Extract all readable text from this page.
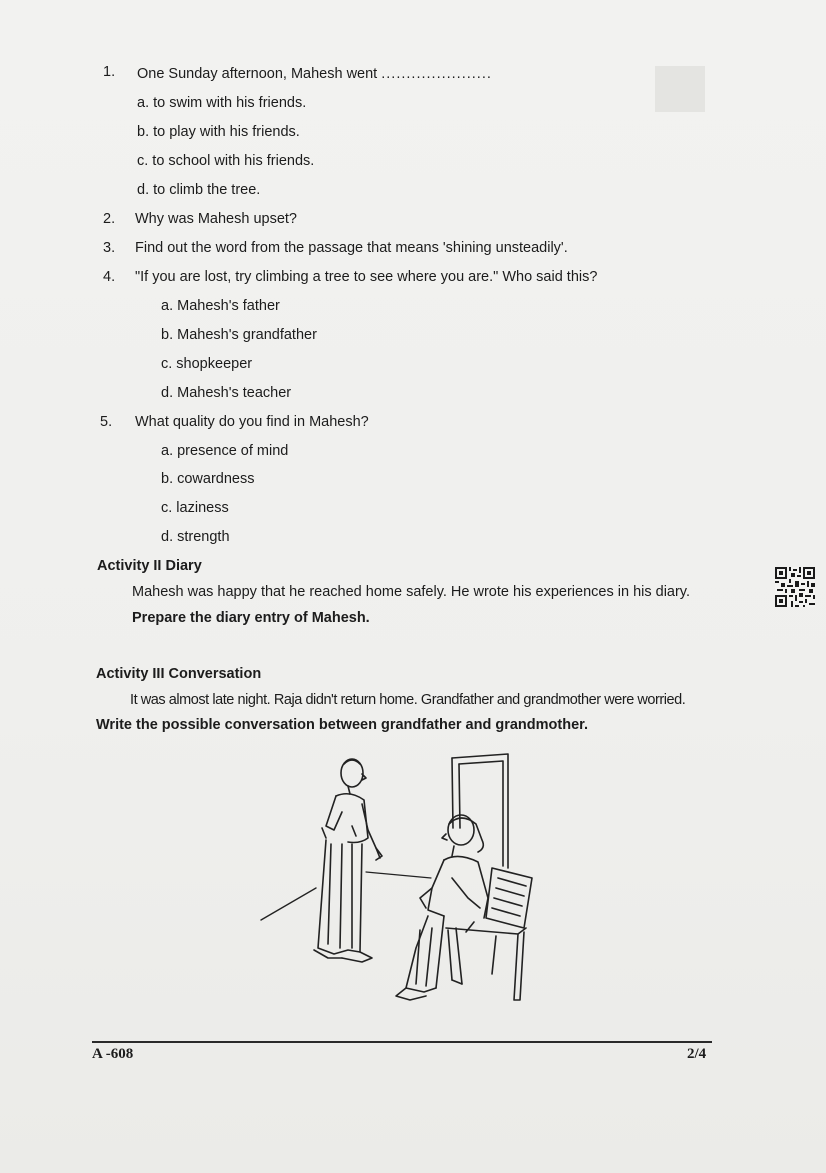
1. One Sunday afternoon, Mahesh went ......................
a. to swim with his friends.
b. to play with his friends.
c. to school with his friends.
d. to climb the tree.
2. Why was Mahesh upset?
3. Find out the word from the passage that means 'shining unsteadily'.
4. "If you are lost, try climbing a tree to see where you are." Who said this?
a. Mahesh's father
b. Mahesh's grandfather
c. shopkeeper
d. Mahesh's teacher
5. What quality do you find in Mahesh?
a. presence of mind
b. cowardness
c. laziness
d. strength
Activity II Diary
Mahesh was happy that he reached home safely. He wrote his experiences in his diary.
Prepare the diary entry of Mahesh.
Activity III Conversation
It was almost late night. Raja didn't return home. Grandfather and grandmother were worried.
Write the possible conversation between grandfather and grandmother.
A -608	2/4
